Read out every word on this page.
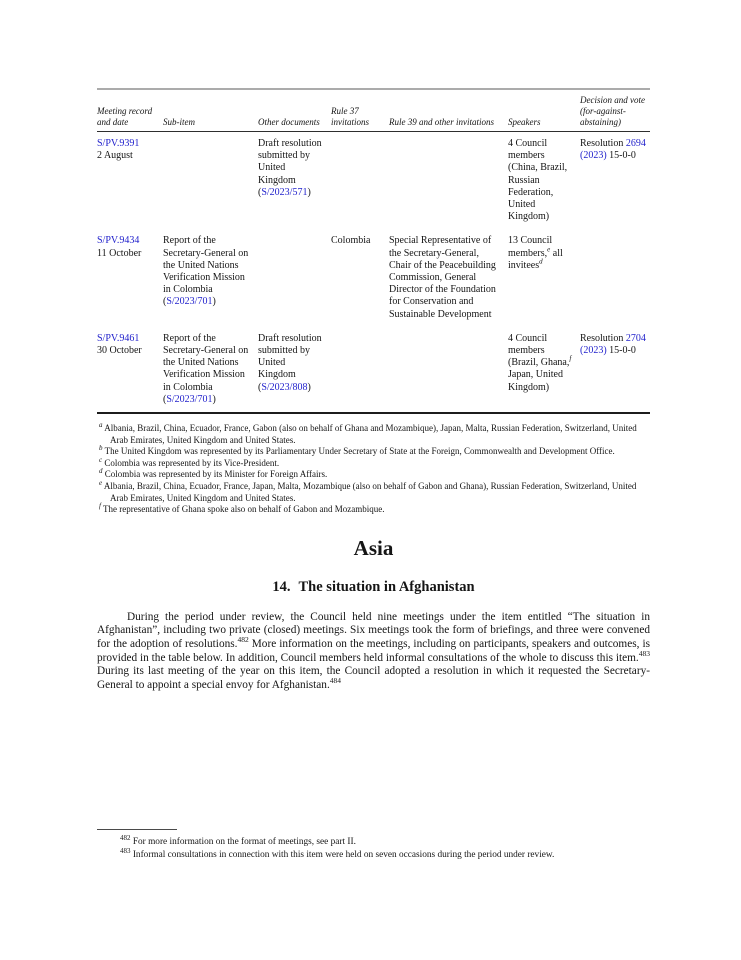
Meeting record and date	Sub-item	Other documents	Rule 37 invitations	Rule 39 and other invitations	Speakers	Decision and vote (for-against-abstaining)
S/PV.9391
2 August		Draft resolution submitted by United Kingdom (S/2023/571)			4 Council members (China, Brazil, Russian Federation, United Kingdom)	Resolution 2694 (2023) 15-0-0
S/PV.9434
11 October	Report of the Secretary-General on the United Nations Verification Mission in Colombia (S/2023/701)		Colombia	Special Representative of the Secretary-General, Chair of the Peacebuilding Commission, General Director of the Foundation for Conservation and Sustainable Development	13 Council members,$^e$ all invitees$^d$	
S/PV.9461
30 October	Report of the Secretary-General on the United Nations Verification Mission in Colombia (S/2023/701)	Draft resolution submitted by United Kingdom (S/2023/808)			4 Council members (Brazil, Ghana,$^f$ Japan, United Kingdom)	Resolution 2704 (2023) 15-0-0
$^a$ Albania, Brazil, China, Ecuador, France, Gabon (also on behalf of Ghana and Mozambique), Japan, Malta, Russian Federation, Switzerland, United Arab Emirates, United Kingdom and United States.
$^b$ The United Kingdom was represented by its Parliamentary Under Secretary of State at the Foreign, Commonwealth and Development Office.
$^c$ Colombia was represented by its Vice-President.
$^d$ Colombia was represented by its Minister for Foreign Affairs.
$^e$ Albania, Brazil, China, Ecuador, France, Japan, Malta, Mozambique (also on behalf of Gabon and Ghana), Russian Federation, Switzerland, United Arab Emirates, United Kingdom and United States.
$^f$ The representative of Ghana spoke also on behalf of Gabon and Mozambique.
Asia
14. The situation in Afghanistan
During the period under review, the Council held nine meetings under the item entitled “The situation in Afghanistan”, including two private (closed) meetings. Six meetings took the form of briefings, and three were convened for the adoption of resolutions.$^{482}$ More information on the meetings, including on participants, speakers and outcomes, is provided in the table below. In addition, Council members held informal consultations of the whole to discuss this item.$^{483}$ During its last meeting of the year on this item, the Council adopted a resolution in which it requested the Secretary-General to appoint a special envoy for Afghanistan.$^{484}$
$^{482}$ For more information on the format of meetings, see part II.
$^{483}$ Informal consultations in connection with this item were held on seven occasions during the period under review.
